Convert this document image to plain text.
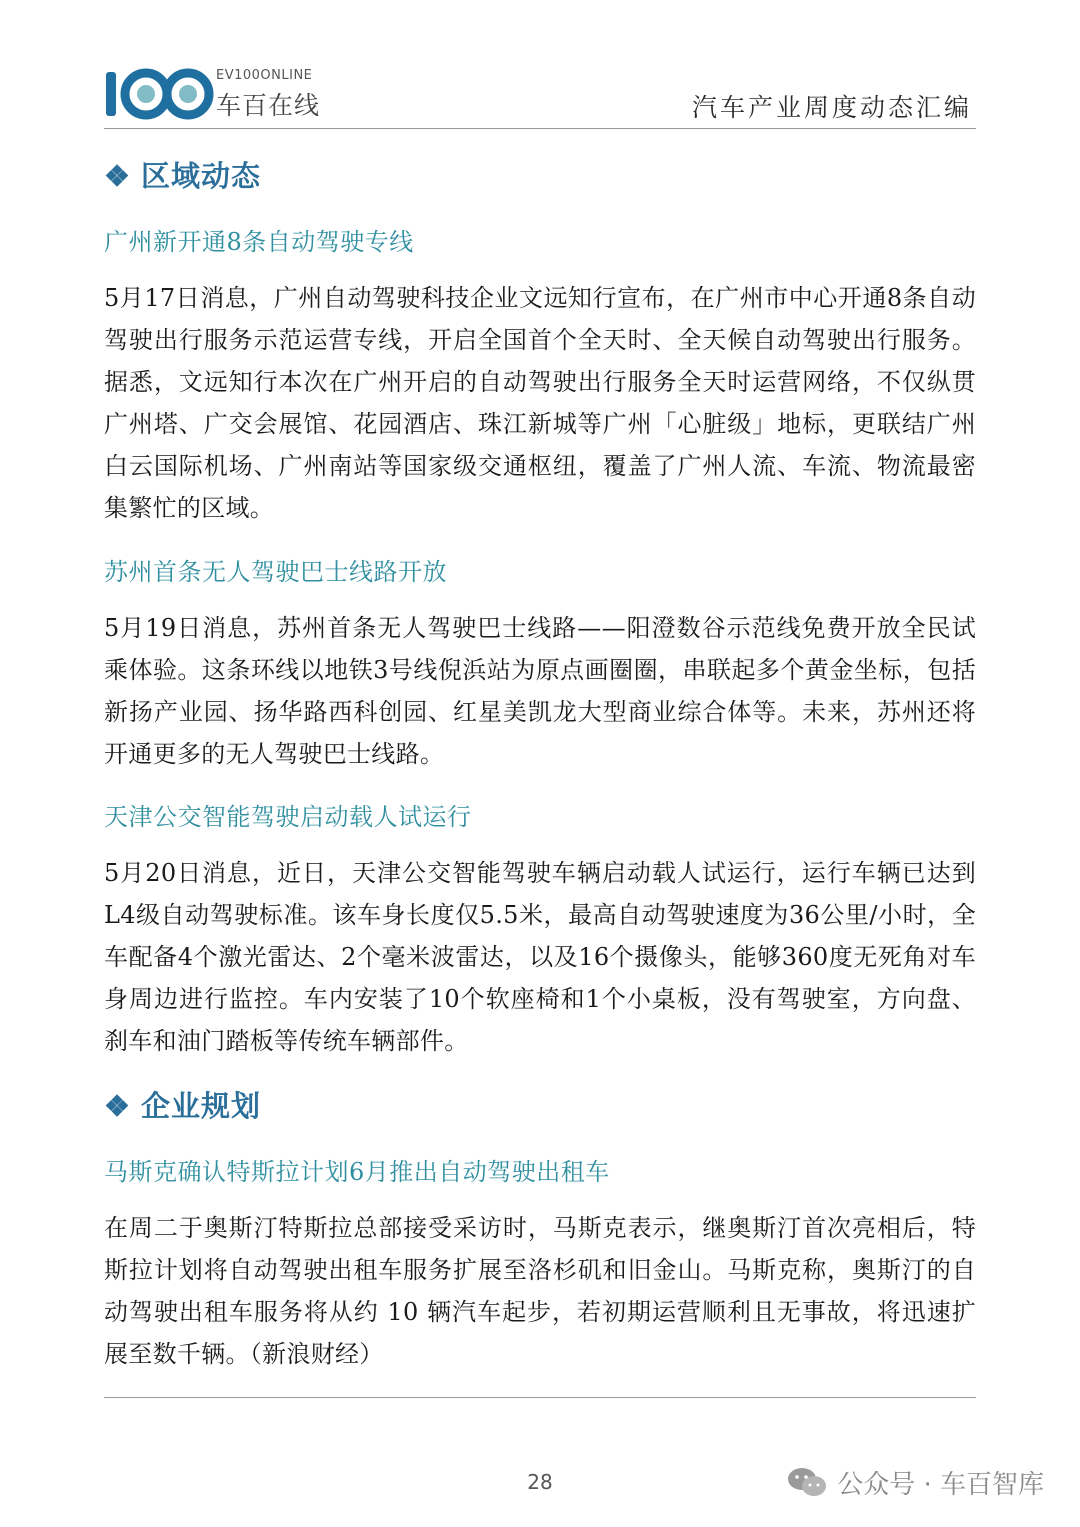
100
EV100ONLINE
车百在线	汽车产业周度动态汇编
❖ 区域动态
广州新开通8条自动驾驶专线
5月17日消息，广州自动驾驶科技企业文远知行宣布，在广州市中心开通8条自动驾驶出行服务示范运营专线，开启全国首个全天时、全天候自动驾驶出行服务。 据悉，文远知行本次在广州开启的自动驾驶出行服务全天时运营网络，不仅纵贯广州塔、广交会展馆、花园酒店、珠江新城等广州「心脏级」地标，更联结广州白云国际机场、广州南站等国家级交通枢纽，覆盖了广州人流、车流、物流最密集繁忙的区域。
苏州首条无人驾驶巴士线路开放
5月19日消息，苏州首条无人驾驶巴士线路——阳澄数谷示范线免费开放全民试乘体验。这条环线以地铁3号线倪浜站为原点画圈圈，串联起多个黄金坐标，包括新扬产业园、扬华路西科创园、红星美凯龙大型商业综合体等。未来，苏州还将开通更多的无人驾驶巴士线路。
天津公交智能驾驶启动载人试运行
5月20日消息，近日，天津公交智能驾驶车辆启动载人试运行，运行车辆已达到L4级自动驾驶标准。该车身长度仅5.5米，最高自动驾驶速度为36公里/小时，全车配备4个激光雷达、2个毫米波雷达，以及16个摄像头，能够360度无死角对车身周边进行监控。车内安装了10个软座椅和1个小桌板，没有驾驶室，方向盘、刹车和油门踏板等传统车辆部件。
❖ 企业规划
马斯克确认特斯拉计划6月推出自动驾驶出租车
在周二于奥斯汀特斯拉总部接受采访时，马斯克表示，继奥斯汀首次亮相后，特斯拉计划将自动驾驶出租车服务扩展至洛杉矶和旧金山。马斯克称，奥斯汀的自动驾驶出租车服务将从约 10 辆汽车起步，若初期运营顺利且无事故，将迅速扩展至数千辆。（新浪财经）
28	公众号 · 车百智库
